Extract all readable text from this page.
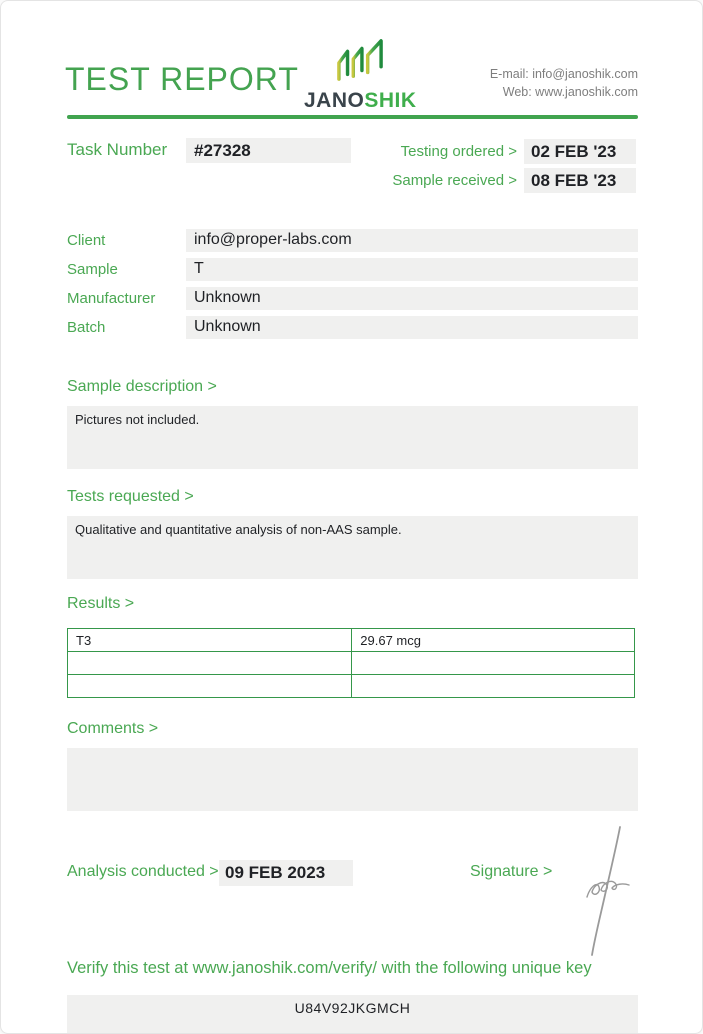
TEST REPORT
JANOSHIK
E-mail: info@janoshik.com
Web: www.janoshik.com
Task Number	#27328	Testing ordered > 02 FEB '23
Sample received > 08 FEB '23
Client	info@proper-labs.com
Sample	T
Manufacturer	Unknown
Batch	Unknown
Sample description >
Pictures not included.
Tests requested >
Qualitative and quantitative analysis of non-AAS sample.
Results >
T3	29.67 mcg

Comments >
Analysis conducted > 09 FEB 2023	Signature >
Verify this test at www.janoshik.com/verify/ with the following unique key
U84V92JKGMCH
